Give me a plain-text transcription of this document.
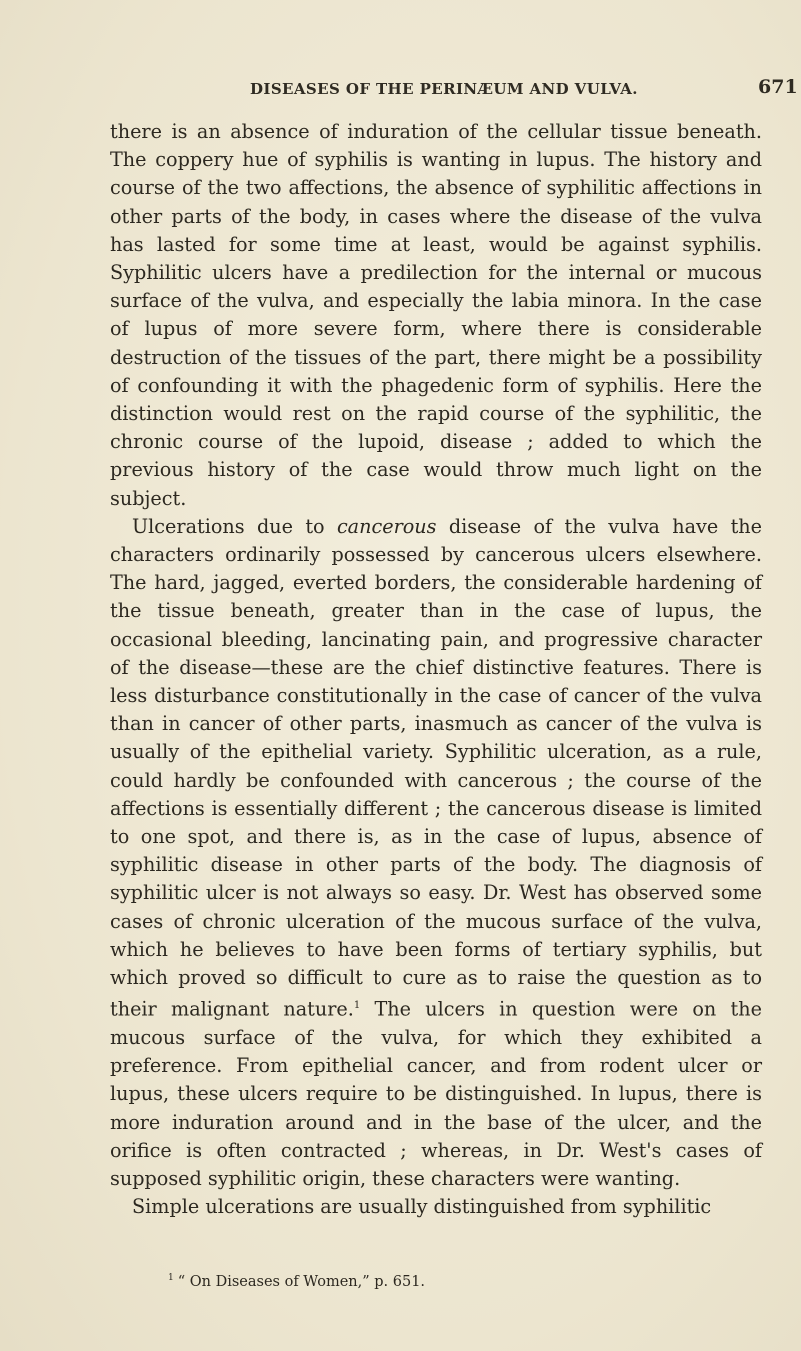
DISEASES OF THE PERINÆUM AND VULVA.	671

there is an absence of induration of the cellular tissue beneath. The coppery hue of syphilis is wanting in lupus. The history and course of the two affections, the absence of syphilitic affections in other parts of the body, in cases where the disease of the vulva has lasted for some time at least, would be against syphilis. Syphilitic ulcers have a predilection for the internal or mucous surface of the vulva, and especially the labia minora. In the case of lupus of more severe form, where there is considerable destruction of the tissues of the part, there might be a possibility of confounding it with the phagedenic form of syphilis. Here the distinction would rest on the rapid course of the syphilitic, the chronic course of the lupoid, disease ; added to which the previous history of the case would throw much light on the subject.

Ulcerations due to cancerous disease of the vulva have the characters ordinarily possessed by cancerous ulcers elsewhere. The hard, jagged, everted borders, the considerable hardening of the tissue beneath, greater than in the case of lupus, the occasional bleeding, lancinating pain, and progressive character of the disease—these are the chief distinctive features. There is less disturbance constitutionally in the case of cancer of the vulva than in cancer of other parts, inasmuch as cancer of the vulva is usually of the epithelial variety. Syphilitic ulceration, as a rule, could hardly be confounded with cancerous ; the course of the affections is essentially different ; the cancerous disease is limited to one spot, and there is, as in the case of lupus, absence of syphilitic disease in other parts of the body. The diagnosis of syphilitic ulcer is not always so easy. Dr. West has observed some cases of chronic ulceration of the mucous surface of the vulva, which he believes to have been forms of tertiary syphilis, but which proved so difficult to cure as to raise the question as to their malignant nature.$^1$ The ulcers in question were on the mucous surface of the vulva, for which they exhibited a preference. From epithelial cancer, and from rodent ulcer or lupus, these ulcers require to be distinguished. In lupus, there is more induration around and in the base of the ulcer, and the orifice is often contracted ; whereas, in Dr. West's cases of supposed syphilitic origin, these characters were wanting.

Simple ulcerations are usually distinguished from syphilitic

$^1$ “ On Diseases of Women,” p. 651.
